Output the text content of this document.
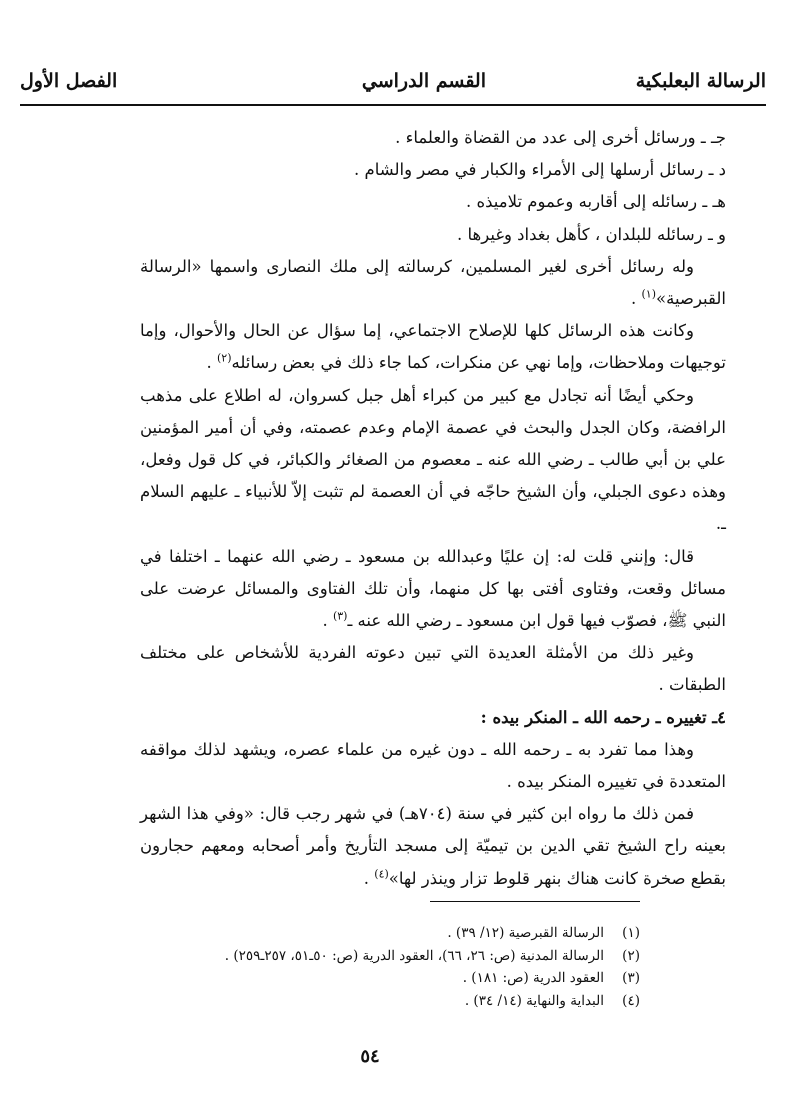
الرسالة البعلبكية
القسم الدراسي
الفصل الأول

جـ ـ ورسائل أخرى إلى عدد من القضاة والعلماء .

د ـ رسائل أرسلها إلى الأمراء والكبار في مصر والشام .

هـ ـ رسائله إلى أقاربه وعموم تلاميذه .

و ـ رسائله للبلدان ، كأهل بغداد وغيرها .

وله رسائل أخرى لغير المسلمين، كرسالته إلى ملك النصارى واسمها «الرسالة القبرصية»$^{(١)}$ .

وكانت هذه الرسائل كلها للإصلاح الاجتماعي، إما سؤال عن الحال والأحوال، وإما توجيهات وملاحظات، وإما نهي عن منكرات، كما جاء ذلك في بعض رسائله$^{(٢)}$ .

وحكي أيضًا أنه تجادل مع كبير من كبراء أهل جبل كسروان، له اطلاع على مذهب الرافضة، وكان الجدل والبحث في عصمة الإمام وعدم عصمته، وفي أن أمير المؤمنين علي بن أبي طالب ـ رضي الله عنه ـ معصوم من الصغائر والكبائر، في كل قول وفعل، وهذه دعوى الجبلي، وأن الشيخ حاجّه في أن العصمة لم تثبت إلاّ للأنبياء ـ عليهم السلام ـ.

قال: وإنني قلت له: إن عليًا وعبدالله بن مسعود ـ رضي الله عنهما ـ اختلفا في مسائل وقعت، وفتاوى أفتى بها كل منهما، وأن تلك الفتاوى والمسائل عرضت على النبي ﷺ، فصوّب فيها قول ابن مسعود ـ رضي الله عنه ـ$^{(٣)}$ .

وغير ذلك من الأمثلة العديدة التي تبين دعوته الفردية للأشخاص على مختلف الطبقات .

٤ـ تغييره ـ رحمه الله ـ المنكر بيده :

وهذا مما تفرد به ـ رحمه الله ـ دون غيره من علماء عصره، ويشهد لذلك مواقفه المتعددة في تغييره المنكر بيده .

فمن ذلك ما رواه ابن كثير في سنة (٧٠٤هـ) في شهر رجب قال: «وفي هذا الشهر بعينه راح الشيخ تقي الدين بن تيميّة إلى مسجد التأريخ وأمر أصحابه ومعهم حجارون بقطع صخرة كانت هناك بنهر قلوط تزار وينذر لها»$^{(٤)}$ .

(١)الرسالة القبرصية (١٢/ ٣٩) .
(٢)الرسالة المدنية (ص: ٢٦، ٦٦)، العقود الدرية (ص: ٥٠ـ٥١، ٢٥٧ـ٢٥٩) .
(٣)العقود الدرية (ص: ١٨١) .
(٤)البداية والنهاية (١٤/ ٣٤) .
٥٤
